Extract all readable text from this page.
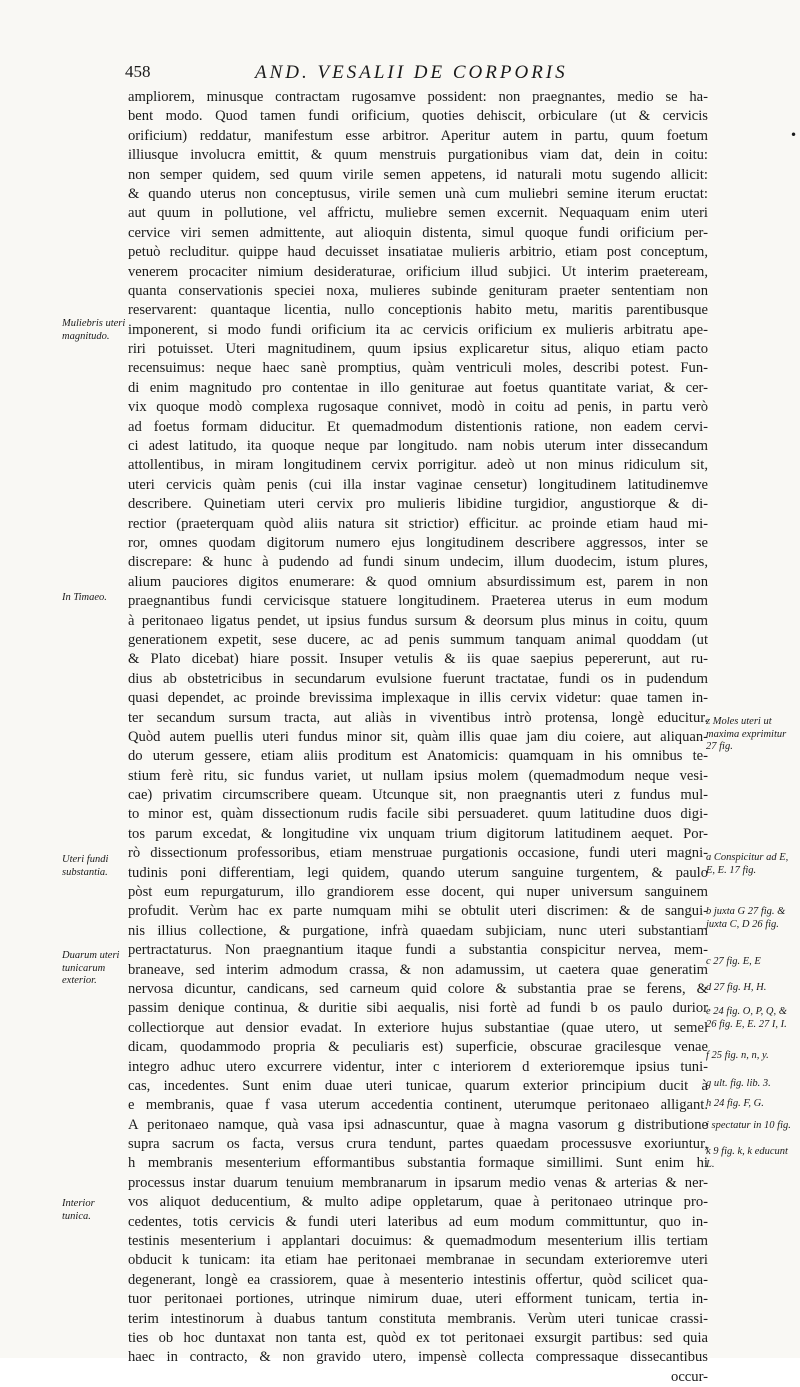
458	AND. VESALII DE CORPORIS
ampliorem, minusque contractam rugosamve possident: non praegnantes, medio se ha-
bent modo. Quod tamen fundi orificium, quoties dehiscit, orbiculare (ut & cervicis
orificium) reddatur, manifestum esse arbitror. Aperitur autem in partu, quum foetum
illiusque involucra emittit, & quum menstruis purgationibus viam dat, dein in coitu:
non semper quidem, sed quum virile semen appetens, id naturali motu sugendo allicit:
& quando uterus non conceptusus, virile semen unà cum muliebri semine iterum eructat:
aut quum in pollutione, vel affrictu, muliebre semen excernit. Nequaquam enim uteri
cervice viri semen admittente, aut alioquin distenta, simul quoque fundi orificium per-
petuò recluditur. quippe haud decuisset insatiatae mulieris arbitrio, etiam post conceptum,
venerem procaciter nimium desideraturae, orificium illud subjici. Ut interim praeteream,
quanta conservationis speciei noxa, mulieres subinde genituram praeter sententiam non
reservarent: quantaque licentia, nullo conceptionis habito metu, maritis parentibusque
imponerent, si modo fundi orificium ita ac cervicis orificium ex mulieris arbitratu ape-
riri potuisset. Uteri magnitudinem, quum ipsius explicaretur situs, aliquo etiam pacto
recensuimus: neque haec sanè promptius, quàm ventriculi moles, describi potest. Fun-
di enim magnitudo pro contentae in illo geniturae aut foetus quantitate variat, & cer-
vix quoque modò complexa rugosaque connivet, modò in coitu ad penis, in partu verò
ad foetus formam diducitur. Et quemadmodum distentionis ratione, non eadem cervi-
ci adest latitudo, ita quoque neque par longitudo. nam nobis uterum inter dissecandum
attollentibus, in miram longitudinem cervix porrigitur. adeò ut non minus ridiculum sit,
uteri cervicis quàm penis (cui illa instar vaginae censetur) longitudinem latitudinemve
describere. Quinetiam uteri cervix pro mulieris libidine turgidior, angustiorque & di-
rectior (praeterquam quòd aliis natura sit strictior) efficitur. ac proinde etiam haud mi-
ror, omnes quodam digitorum numero ejus longitudinem describere aggressos, inter se
discrepare: & hunc à pudendo ad fundi sinum undecim, illum duodecim, istum plures,
alium pauciores digitos enumerare: & quod omnium absurdissimum est, parem in non
praegnantibus fundi cervicisque statuere longitudinem. Praeterea uterus in eum modum
à peritonaeo ligatus pendet, ut ipsius fundus sursum & deorsum plus minus in coitu, quum
generationem expetit, sese ducere, ac ad penis summum tanquam animal quoddam (ut
& Plato dicebat) hiare possit. Insuper vetulis & iis quae saepius pepererunt, aut ru-
dius ab obstetricibus in secundarum evulsione fuerunt tractatae, fundi os in pudendum
quasi dependet, ac proinde brevissima implexaque in illis cervix videtur: quae tamen in-
ter secandum sursum tracta, aut aliàs in viventibus intrò protensa, longè educitur.
Quòd autem puellis uteri fundus minor sit, quàm illis quae jam diu coiere, aut aliquan-
do uterum gessere, etiam aliis proditum est Anatomicis: quamquam in his omnibus te-
stium ferè ritu, sic fundus variet, ut nullam ipsius molem (quemadmodum neque vesi-
cae) privatim circumscribere queam. Utcunque sit, non praegnantis uteri z fundus mul-
to minor est, quàm dissectionum rudis facile sibi persuaderet. quum latitudine duos digi-
tos parum excedat, & longitudine vix unquam trium digitorum latitudinem aequet. Por-
rò dissectionum professoribus, etiam menstruae purgationis occasione, fundi uteri magni-
tudinis poni differentiam, legi quidem, quando uterum sanguine turgentem, & paulo
pòst eum repurgaturum, illo grandiorem esse docent, qui nuper universum sanguinem
profudit. Verùm hac ex parte numquam mihi se obtulit uteri discrimen: & de sangui-
nis illius collectione, & purgatione, infrà quaedam subjiciam, nunc uteri substantiam
pertractaturus. Non praegnantium itaque fundi a substantia conspicitur nervea, mem-
braneave, sed interim admodum crassa, & non adamussim, ut caetera quae generatim
nervosa dicuntur, candicans, sed carneum quid colore & substantia prae se ferens, &
passim denique continua, & duritie sibi aequalis, nisi fortè ad fundi b os paulo durior
collectiorque aut densior evadat. In exteriore hujus substantiae (quae utero, ut semel
dicam, quodammodo propria & peculiaris est) superficie, obscurae gracilesque venae
integro adhuc utero excurrere videntur, inter c interiorem d exterioremque ipsius tuni-
cas, incedentes. Sunt enim duae uteri tunicae, quarum exterior principium ducit à
e membranis, quae f vasa uterum accedentia continent, uterumque peritonaeo alligant.
A peritonaeo namque, quà vasa ipsi adnascuntur, quae à magna vasorum g distributione
supra sacrum os facta, versus crura tendunt, partes quaedam processusve exoriuntur,
h membranis mesenterium efformantibus substantia formaque simillimi. Sunt enim hi
processus instar duarum tenuium membranarum in ipsarum medio venas & arterias & ner-
vos aliquot deducentium, & multo adipe oppletarum, quae à peritonaeo utrinque pro-
cedentes, totis cervicis & fundi uteri lateribus ad eum modum committuntur, quo in-
testinis mesenterium i applantari docuimus: & quemadmodum mesenterium illis tertiam
obducit k tunicam: ita etiam hae peritonaei membranae in secundam exterioremve uteri
degenerant, longè ea crassiorem, quae à mesenterio intestinis offertur, quòd scilicet qua-
tuor peritonaei portiones, utrinque nimirum duae, uteri efforment tunicam, tertia in-
terim intestinorum à duabus tantum constituta membranis. Verùm uteri tunicae crassi-
ties ob hoc duntaxat non tanta est, quòd ex tot peritonaei exsurgit partibus: sed quia
haec in contracto, & non gravido utero, impensè collecta compressaque dissecantibus
occur-
Muliebris uteri magnitudo.
In Timaeo.
Uteri fundi substantia.
Duarum uteri tunicarum exterior.
Interior tunica.
z Moles uteri ut maxima exprimitur 27 fig.
a Conspicitur ad E, E, E. 17 fig.
b juxta G 27 fig. & juxta C, D 26 fig.
c 27 fig. E, E
d 27 fig. H, H.
e 24 fig. O, P, Q, & 26 fig. E, E. 27 I, I.
f 25 fig. n, n, y.
g ult. fig. lib. 3.
h 24 fig. F, G.
i spectatur in 10 fig.
k 9 fig. k, k educunt L.
•
